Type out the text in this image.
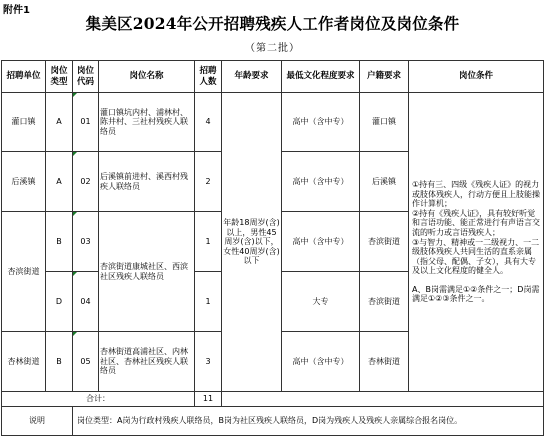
附件1
集美区2024年公开招聘残疾人工作者岗位及岗位条件
（第二批）
招聘单位	岗位类型	岗位代码	岗位名称	招聘人数	年龄要求	最低文化程度要求	户籍要求	岗位条件
灌口镇	A	01	灌口镇坑内村、浦林村、陈井村、三社村残疾人联络员	4	年龄18周岁(含)以上，男性45周岁(含)以下，女性40周岁(含)以下	高中（含中专）	灌口镇	①持有三、四级《残疾人证》的视力或肢体残疾人，行动方便且上肢能操作计算机；
②持有《残疾人证》，具有较好听觉和言语功能、能正常进行有声语言交流的听力或言语残疾人；
③与智力、精神或一二级视力、一二级肢体残疾人共同生活的直系亲属（指父母、配偶、子女），具有大专及以上文化程度的健全人。
A、B岗需满足①②条件之一；D岗需满足①②③条件之一。

后溪镇	A	02	后溪镇前进村、溪西村残疾人联络员	2		高中（含中专）	后溪镇	
杏滨街道	B	03	杏滨街道康城社区、西滨社区残疾人联络员	1		高中（含中专）	杏滨街道	
	D	04		1		大专	杏滨街道	
杏林街道	B	05	杏林街道高浦社区、内林社区、杏林社区残疾人联络员	3		高中（含中专）	杏林街道	
合计：				11				
说明		岗位类型：A岗为行政村残疾人联络员，B岗为社区残疾人联络员，D岗为残疾人及残疾人亲属综合报名岗位。						
